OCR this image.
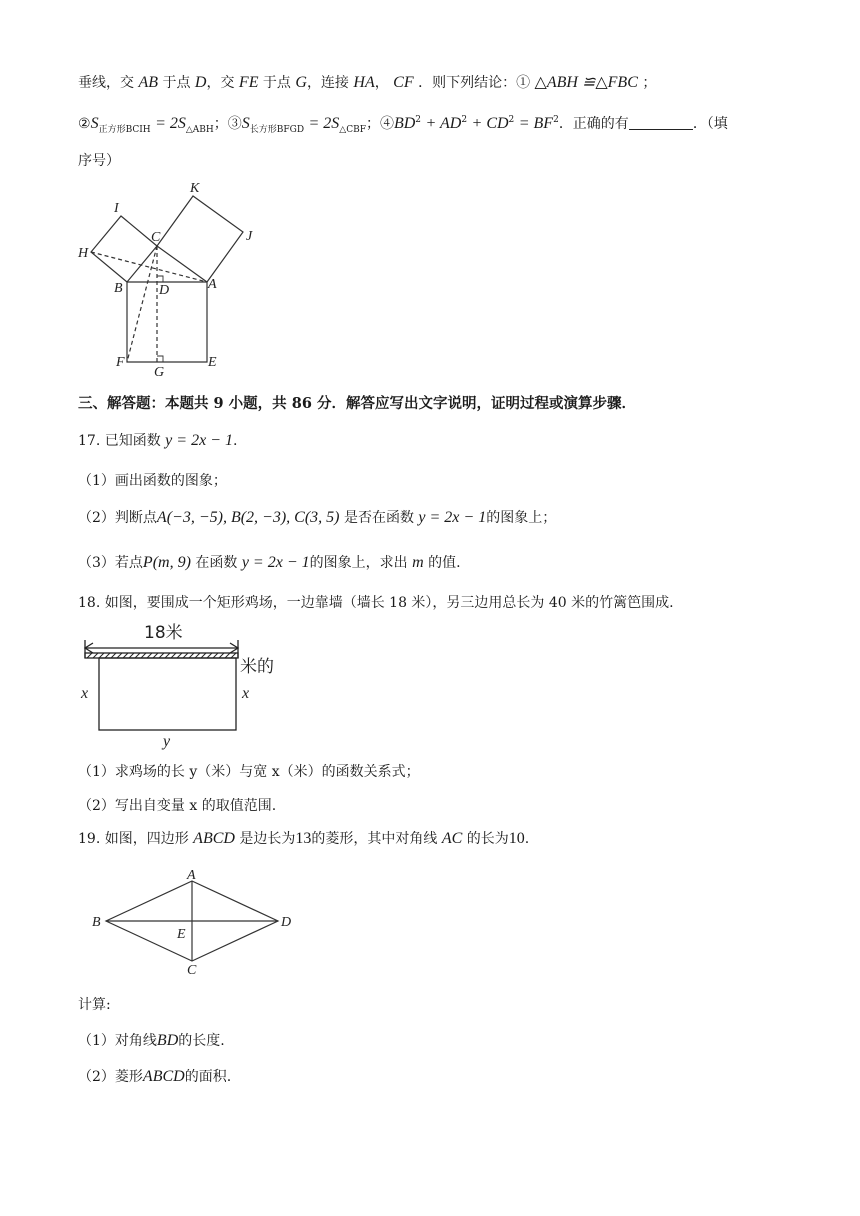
垂线，交 AB 于点 D，交 FE 于点 G，连接 HA， CF ．则下列结论：① △ABH ≌△FBC ；
$②S_{正方形BCIH} = 2S_{\triangle ABH}$；$③S_{长方形BFGD} = 2S_{\triangle CBF}$；$④BD^2 + AD^2 + CD^2 = BF^2$．正确的有	．（填
序号）
I
K
J
C
H
B	D	A
F
G
E
三、解答题：本题共 9 小题，共 86 分．解答应写出文字说明，证明过程或演算步骤．
17. 已知函数 y = 2x − 1.
（1）画出函数的图象；
（2）判断点A(−3, −5), B(2, −3), C(3, 5) 是否在函数 y = 2x − 1的图象上；
（3）若点P(m, 9) 在函数 y = 2x − 1的图象上，求出 m 的值.
18. 如图，要围成一个矩形鸡场，一边靠墙（墙长 18 米），另三边用总长为 40 米的竹篱笆围成.
18米
米的
x	x
y
（1）求鸡场的长 y（米）与宽 x（米）的函数关系式；
（2）写出自变量 x 的取值范围.
19. 如图，四边形 ABCD 是边长为13的菱形，其中对角线 AC 的长为10.
A
B
C
D
E
计算:
（1）对角线BD的长度.
（2）菱形ABCD的面积.
